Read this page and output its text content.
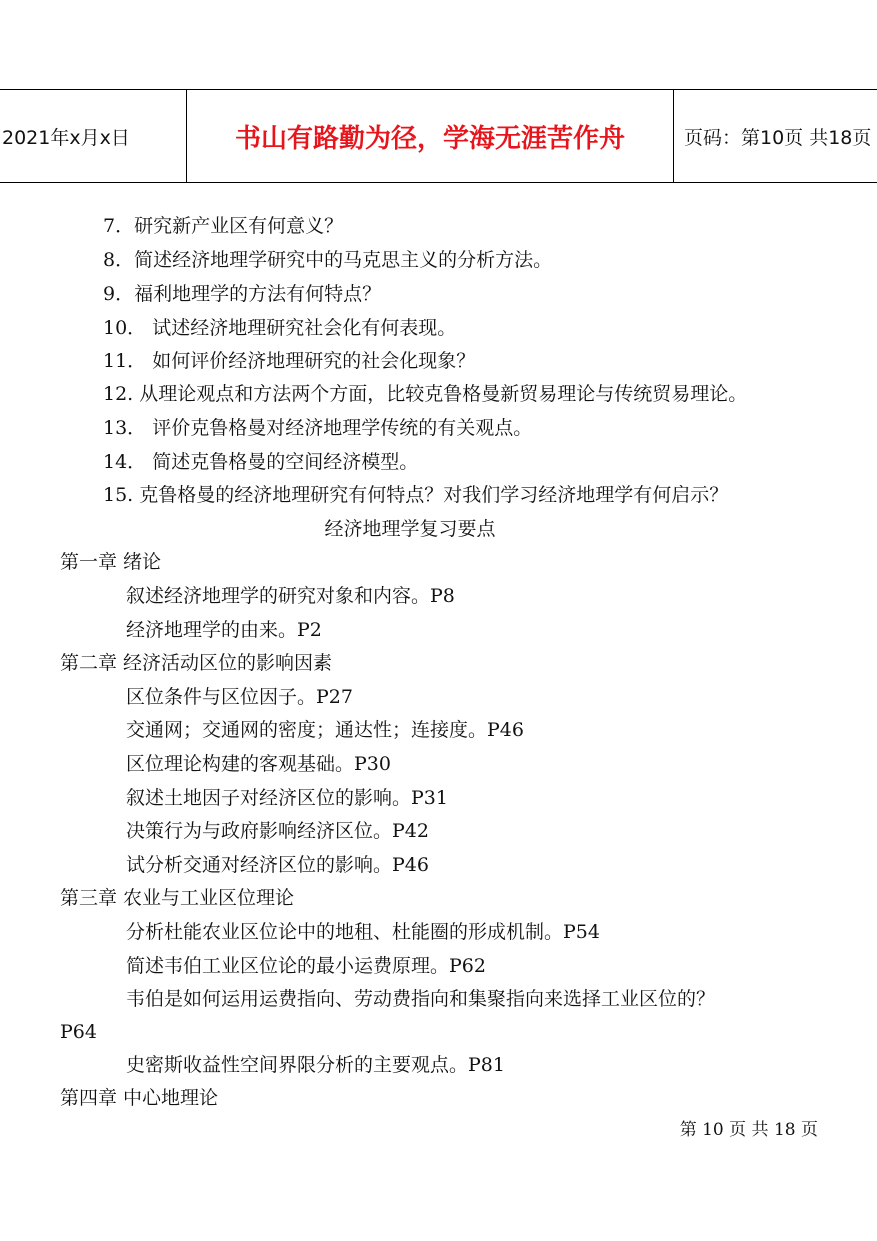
2021年x月x日	书山有路勤为径，学海无涯苦作舟	页码：第10页 共18页
7．研究新产业区有何意义？
8．简述经济地理学研究中的马克思主义的分析方法。
9．福利地理学的方法有何特点？
10． 试述经济地理研究社会化有何表现。
11． 如何评价经济地理研究的社会化现象？
12. 从理论观点和方法两个方面，比较克鲁格曼新贸易理论与传统贸易理论。
13． 评价克鲁格曼对经济地理学传统的有关观点。
14． 简述克鲁格曼的空间经济模型。
15. 克鲁格曼的经济地理研究有何特点？对我们学习经济地理学有何启示？
经济地理学复习要点
第一章 绪论
叙述经济地理学的研究对象和内容。P8
经济地理学的由来。P2
第二章 经济活动区位的影响因素
区位条件与区位因子。P27
交通网；交通网的密度；通达性；连接度。P46
区位理论构建的客观基础。P30
叙述土地因子对经济区位的影响。P31
决策行为与政府影响经济区位。P42
试分析交通对经济区位的影响。P46
第三章 农业与工业区位理论
分析杜能农业区位论中的地租、杜能圈的形成机制。P54
简述韦伯工业区位论的最小运费原理。P62
韦伯是如何运用运费指向、劳动费指向和集聚指向来选择工业区位的？
P64
史密斯收益性空间界限分析的主要观点。P81
第四章 中心地理论
第 10 页 共 18 页
